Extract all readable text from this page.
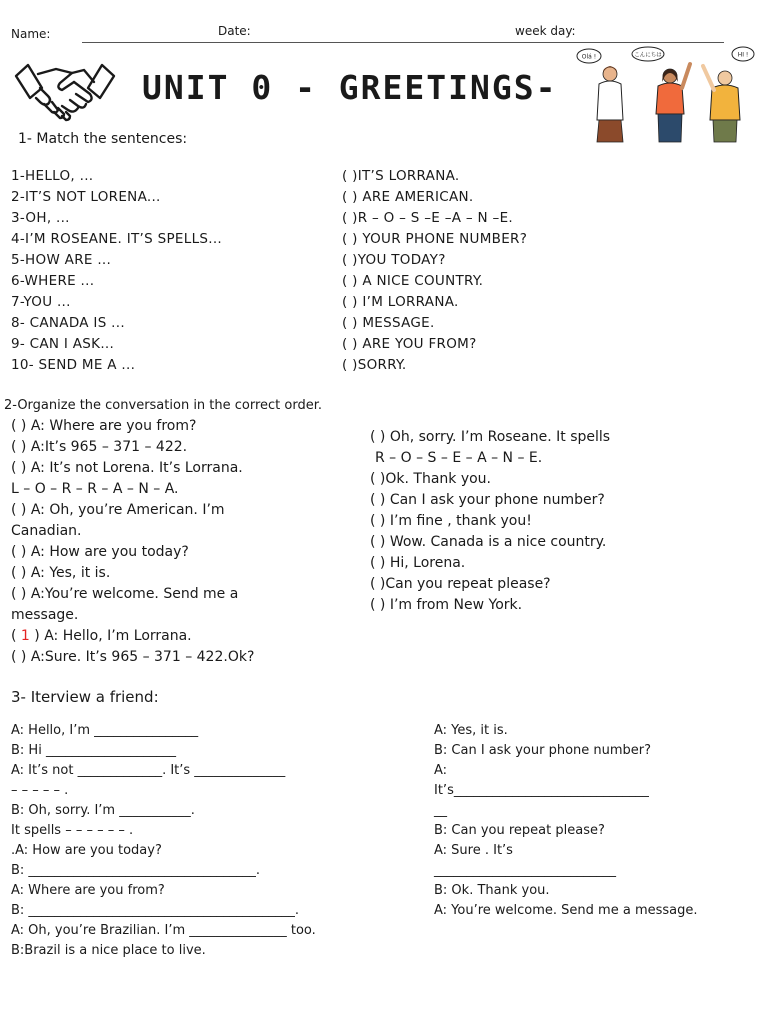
Name:	Date:	week day:
UNIT 0 - GREETINGS-
Olá !	こんにちは	HI !
1- Match the sentences:
1-HELLO, ...
2-IT’S NOT LORENA...
3-OH, ...
4-I’M ROSEANE. IT’S SPELLS...
5-HOW ARE ...
6-WHERE ...
7-YOU ...
8- CANADA IS ...
9- CAN I ASK...
10- SEND ME A ...
( )IT’S LORRANA.
( ) ARE AMERICAN.
( )R – O – S –E –A – N –E.
( ) YOUR PHONE NUMBER?
( )YOU TODAY?
( ) A NICE COUNTRY.
( ) I’M LORRANA.
( ) MESSAGE.
( ) ARE YOU FROM?
( )SORRY.
2-Organize the conversation in the correct order.
( ) A: Where are you from?
( ) A:It’s 965 – 371 – 422.
( ) A: It’s not Lorena. It’s Lorrana.
L – O – R – R – A – N – A.
( ) A: Oh, you’re American. I’m
Canadian.
( ) A: How are you today?
( ) A: Yes, it is.
( ) A:You’re welcome. Send me a
message.
( 1 ) A: Hello, I’m Lorrana.
( ) A:Sure. It’s 965 – 371 – 422.Ok?
( ) Oh, sorry. I’m Roseane. It spells
R – O – S – E – A – N – E.
( )Ok. Thank you.
( ) Can I ask your phone number?
( ) I’m fine , thank you!
( ) Wow. Canada is a nice country.
( ) Hi, Lorena.
( )Can you repeat please?
( ) I’m from New York.
3- Iterview a friend:
A: Hello, I’m ________________
B: Hi ____________________
A: It’s not _____________. It’s ______________
– – – – – .
B: Oh, sorry. I’m ___________.
It spells – – – – – – .
.A: How are you today?
B: ___________________________________.
A: Where are you from?
B: _________________________________________.
A: Oh, you’re Brazilian. I’m _______________ too.
B:Brazil is a nice place to live.
A: Yes, it is.
B: Can I ask your phone number?
A:
It’s______________________________
__
B: Can you repeat please?
A: Sure . It’s
____________________________
B: Ok. Thank you.
A: You’re welcome. Send me a message.
